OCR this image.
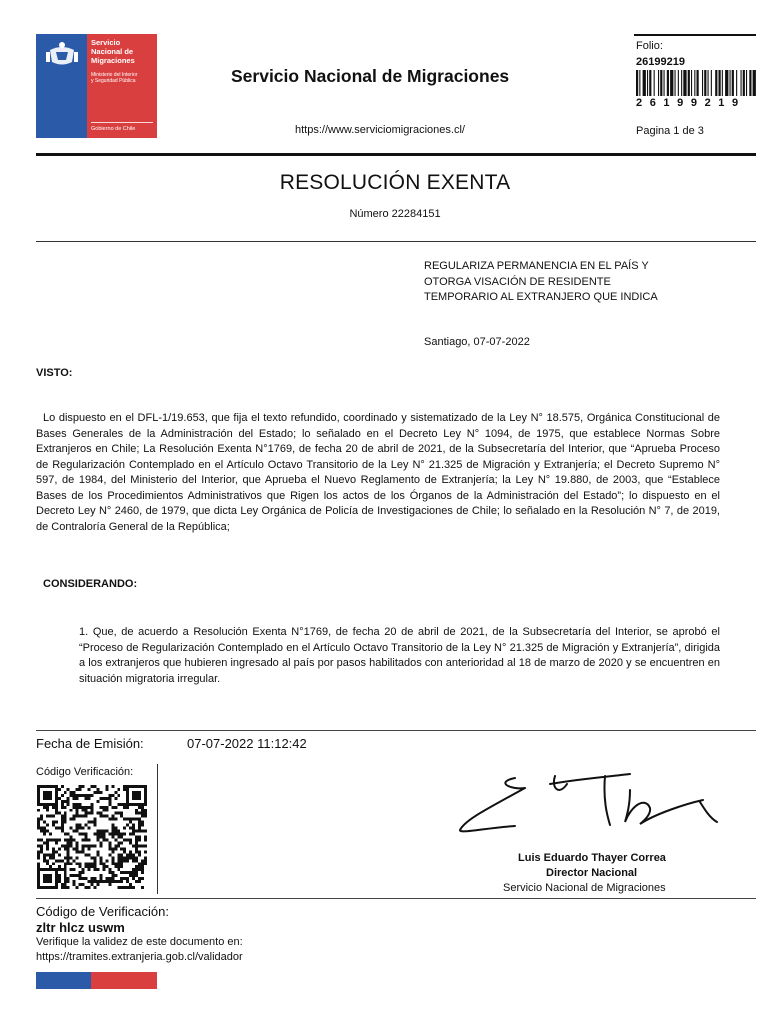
Servicio
Nacional de
Migraciones
Ministerio del Interior
y Seguridad Pública
Gobierno de Chile
Servicio Nacional de Migraciones
https://www.serviciomigraciones.cl/
Folio:
26199219
26199219
Pagina 1 de 3
RESOLUCIÓN EXENTA
Número 22284151
REGULARIZA PERMANENCIA EN EL PAÍS Y
OTORGA VISACIÓN DE RESIDENTE
TEMPORARIO AL EXTRANJERO QUE INDICA
Santiago, 07-07-2022
VISTO:
Lo dispuesto en el DFL-1/19.653, que fija el texto refundido, coordinado y sistematizado de la Ley N° 18.575, Orgánica Constitucional de Bases Generales de la Administración del Estado; lo señalado en el Decreto Ley N° 1094, de 1975, que establece Normas Sobre Extranjeros en Chile; La Resolución Exenta N°1769, de fecha 20 de abril de 2021, de la Subsecretaría del Interior, que “Aprueba Proceso de Regularización Contemplado en el Artículo Octavo Transitorio de la Ley N° 21.325 de Migración y Extranjería; el Decreto Supremo N° 597, de 1984, del Ministerio del Interior, que Aprueba el Nuevo Reglamento de Extranjería; la Ley N° 19.880, de 2003, que “Establece Bases de los Procedimientos Administrativos que Rigen los actos de los Órganos de la Administración del Estado”; lo dispuesto en el Decreto Ley N° 2460, de 1979, que dicta Ley Orgánica de Policía de Investigaciones de Chile; lo señalado en la Resolución N° 7, de 2019, de Contraloría General de la República;
CONSIDERANDO:
1. Que, de acuerdo a Resolución Exenta N°1769, de fecha 20 de abril de 2021, de la Subsecretaría del Interior, se aprobó el “Proceso de Regularización Contemplado en el Artículo Octavo Transitorio de la Ley N° 21.325 de Migración y Extranjería”, dirigida a los extranjeros que hubieren ingresado al país por pasos habilitados con anterioridad al 18 de marzo de 2020 y se encuentren en situación migratoria irregular.
Fecha de Emisión:	07-07-2022 11:12:42
Código Verificación:
Luis Eduardo Thayer Correa
Director Nacional
Servicio Nacional de Migraciones
Código de Verificación:
zltr hlcz uswm
Verifique la validez de este documento en:
https://tramites.extranjeria.gob.cl/validador
